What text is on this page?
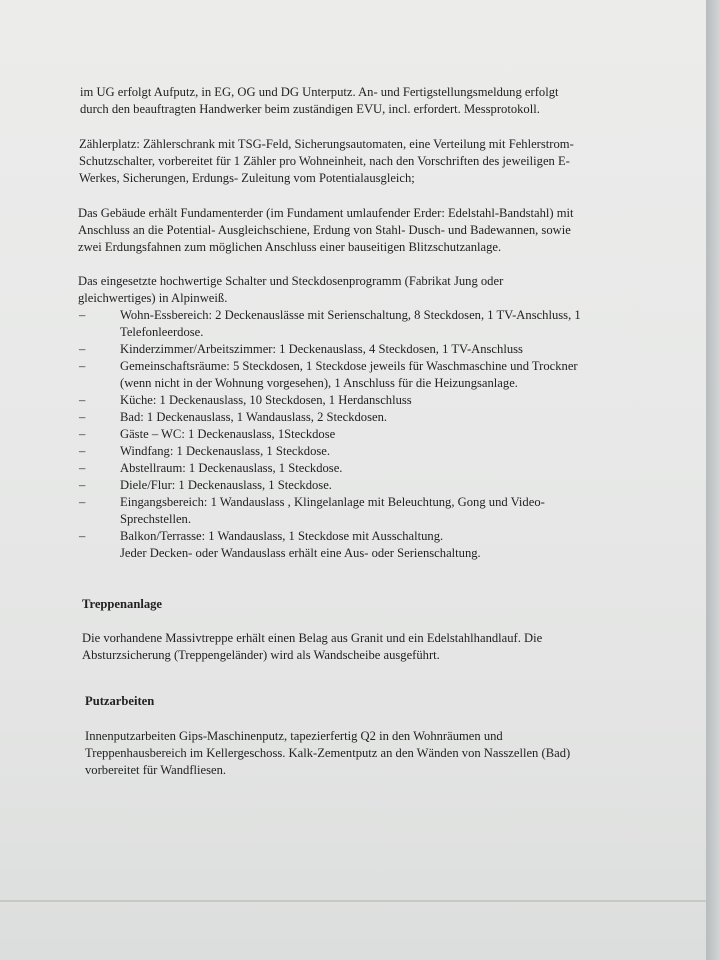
im UG erfolgt Aufputz, in EG, OG und DG Unterputz. An- und Fertigstellungsmeldung erfolgt
durch den beauftragten Handwerker beim zuständigen EVU, incl. erfordert. Messprotokoll.
Zählerplatz: Zählerschrank mit TSG-Feld, Sicherungsautomaten, eine Verteilung mit Fehlerstrom-
Schutzschalter, vorbereitet für 1 Zähler pro Wohneinheit, nach den Vorschriften des jeweiligen E-
Werkes, Sicherungen, Erdungs- Zuleitung vom Potentialausgleich;
Das Gebäude erhält Fundamenterder (im Fundament umlaufender Erder: Edelstahl-Bandstahl) mit
Anschluss an die Potential- Ausgleichschiene, Erdung von Stahl- Dusch- und Badewannen, sowie
zwei Erdungsfahnen zum möglichen Anschluss einer bauseitigen Blitzschutzanlage.
Das eingesetzte hochwertige Schalter und Steckdosenprogramm (Fabrikat Jung oder
gleichwertiges) in Alpinweiß.
–	Wohn-Essbereich: 2 Deckenauslässe mit Serienschaltung, 8 Steckdosen, 1 TV-Anschluss, 1
Telefonleerdose.
–	Kinderzimmer/Arbeitszimmer: 1 Deckenauslass, 4 Steckdosen, 1 TV-Anschluss
–	Gemeinschaftsräume: 5 Steckdosen, 1 Steckdose jeweils für Waschmaschine und Trockner
(wenn nicht in der Wohnung vorgesehen), 1 Anschluss für die Heizungsanlage.
–	Küche: 1 Deckenauslass, 10 Steckdosen, 1 Herdanschluss
–	Bad: 1 Deckenauslass, 1 Wandauslass, 2 Steckdosen.
–	Gäste – WC: 1 Deckenauslass, 1Steckdose
–	Windfang: 1 Deckenauslass, 1 Steckdose.
–	Abstellraum: 1 Deckenauslass, 1 Steckdose.
–	Diele/Flur: 1 Deckenauslass, 1 Steckdose.
–	Eingangsbereich: 1 Wandauslass , Klingelanlage mit Beleuchtung, Gong und Video-
Sprechstellen.
–	Balkon/Terrasse: 1 Wandauslass, 1 Steckdose mit Ausschaltung.
Jeder Decken- oder Wandauslass erhält eine Aus- oder Serienschaltung.
Treppenanlage
Die vorhandene Massivtreppe erhält einen Belag aus Granit und ein Edelstahlhandlauf. Die
Absturzsicherung (Treppengeländer) wird als Wandscheibe ausgeführt.
Putzarbeiten
Innenputzarbeiten Gips-Maschinenputz, tapezierfertig Q2 in den Wohnräumen und
Treppenhausbereich im Kellergeschoss. Kalk-Zementputz an den Wänden von Nasszellen (Bad)
vorbereitet für Wandfliesen.
